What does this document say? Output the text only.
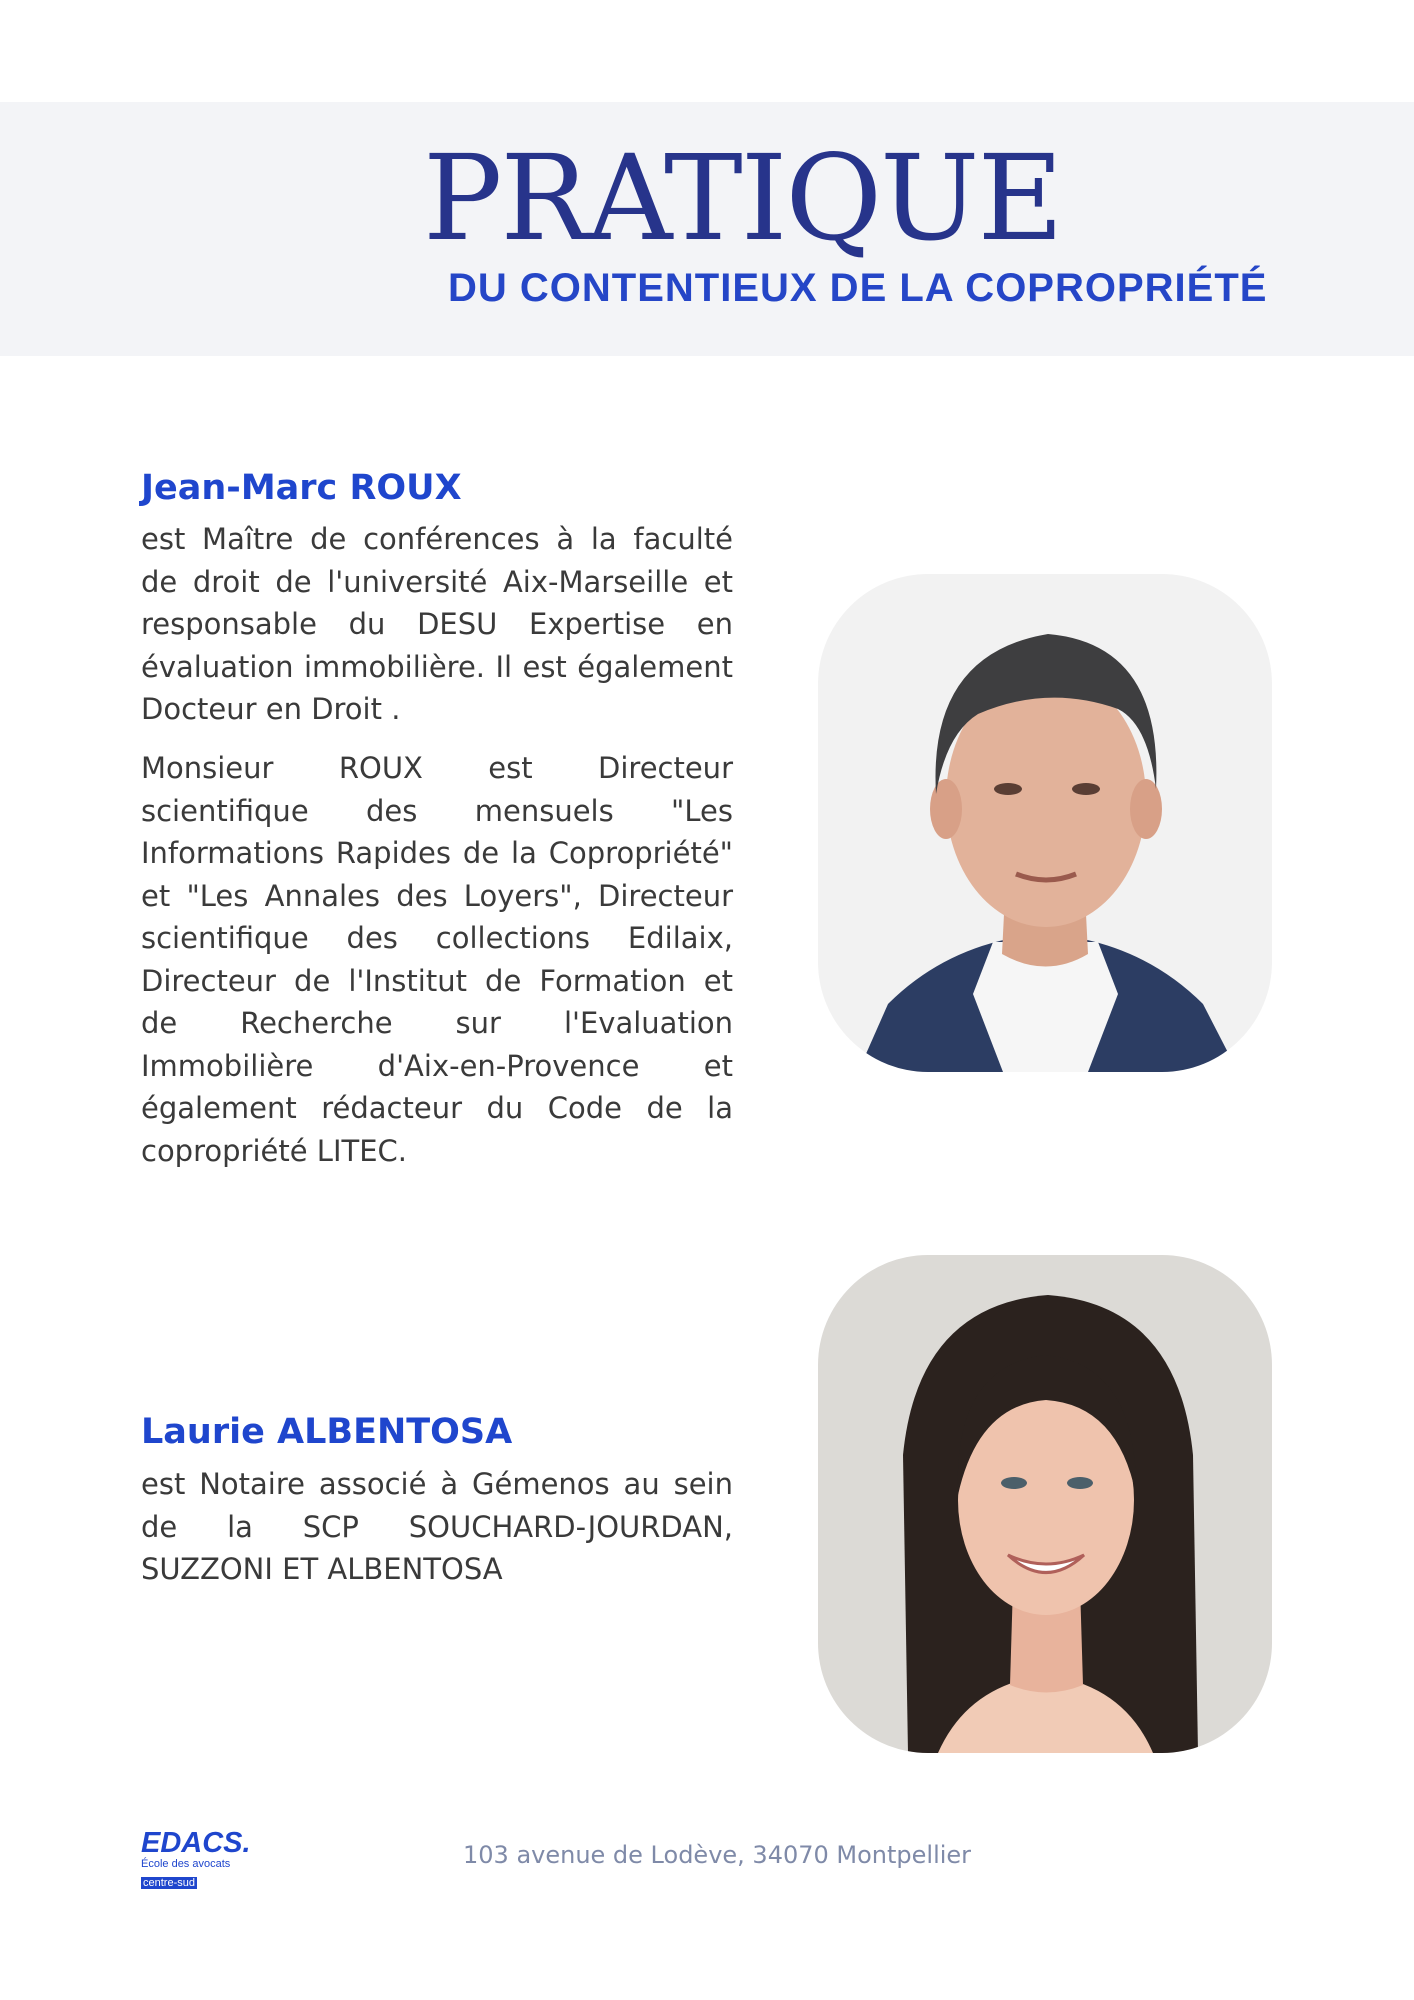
PRATIQUE
DU CONTENTIEUX DE LA COPROPRIÉTÉ
Jean-Marc ROUX

est Maître de conférences à la faculté de droit de l'université Aix-Marseille et responsable du DESU Expertise en évaluation immobilière. Il est également Docteur en Droit .

Monsieur ROUX est Directeur scientifique des mensuels "Les Informations Rapides de la Copropriété" et "Les Annales des Loyers", Directeur scientifique des collections Edilaix, Directeur de l'Institut de Formation et de Recherche sur l'Evaluation Immobilière d'Aix-en-Provence et également rédacteur du Code de la copropriété LITEC.

Laurie ALBENTOSA

est Notaire associé à Gémenos au sein de la SCP SOUCHARD-JOURDAN, SUZZONI ET ALBENTOSA

EDACS.
École des avocats
centre-sud

103 avenue de Lodève, 34070 Montpellier
